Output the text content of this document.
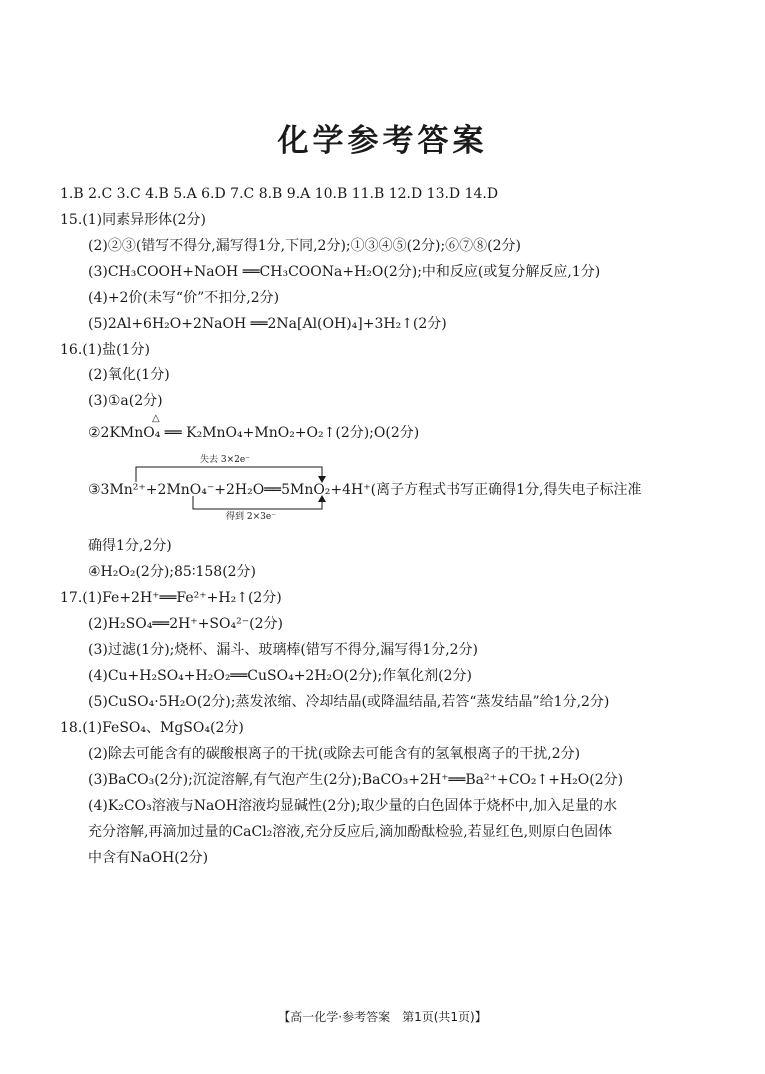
化学参考答案
1.B 2.C 3.C 4.B 5.A 6.D 7.C 8.B 9.A 10.B 11.B 12.D 13.D 14.D
15.(1)同素异形体(2分)
(2)②③(错写不得分,漏写得1分,下同,2分);①③④⑤(2分);⑥⑦⑧(2分)
(3)CH₃COOH+NaOH ══CH₃COONa+H₂O(2分);中和反应(或复分解反应,1分)
(4)+2价(未写“价”不扣分,2分)
(5)2Al+6H₂O+2NaOH ══2Na[Al(OH)₄]+3H₂↑(2分)
16.(1)盐(1分)
(2)氧化(1分)
(3)①a(2分)
△
②2KMnO₄ ══ K₂MnO₄+MnO₂+O₂↑(2分);O(2分)
失去 3×2e⁻
得到 2×3e⁻
③3Mn²⁺+2MnO₄⁻+2H₂O══5MnO₂+4H⁺(离子方程式书写正确得1分,得失电子标注准
确得1分,2分)
④H₂O₂(2分);85∶158(2分)
17.(1)Fe+2H⁺══Fe²⁺+H₂↑(2分)
(2)H₂SO₄══2H⁺+SO₄²⁻(2分)
(3)过滤(1分);烧杯、漏斗、玻璃棒(错写不得分,漏写得1分,2分)
(4)Cu+H₂SO₄+H₂O₂══CuSO₄+2H₂O(2分);作氧化剂(2分)
(5)CuSO₄·5H₂O(2分);蒸发浓缩、冷却结晶(或降温结晶,若答“蒸发结晶”给1分,2分)
18.(1)FeSO₄、MgSO₄(2分)
(2)除去可能含有的碳酸根离子的干扰(或除去可能含有的氢氧根离子的干扰,2分)
(3)BaCO₃(2分);沉淀溶解,有气泡产生(2分);BaCO₃+2H⁺══Ba²⁺+CO₂↑+H₂O(2分)
(4)K₂CO₃溶液与NaOH溶液均显碱性(2分);取少量的白色固体于烧杯中,加入足量的水
充分溶解,再滴加过量的CaCl₂溶液,充分反应后,滴加酚酞检验,若显红色,则原白色固体
中含有NaOH(2分)
【高一化学·参考答案　第1页(共1页)】
